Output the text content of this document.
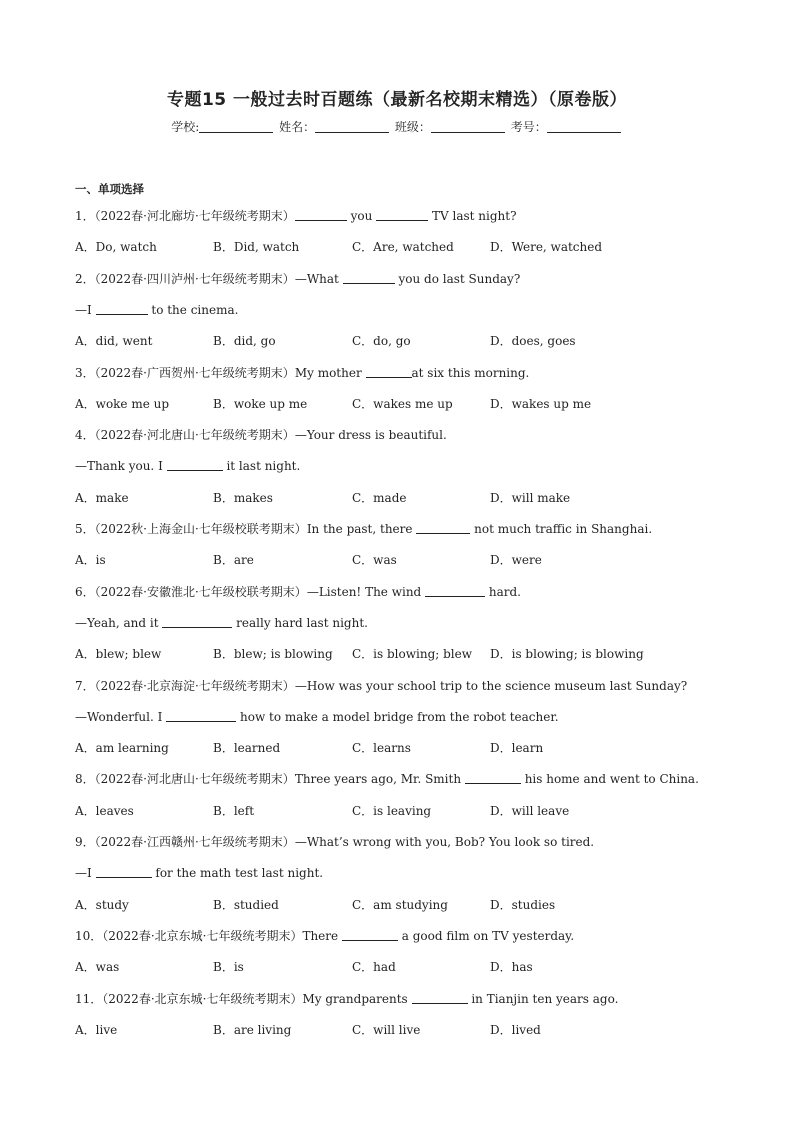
专题15 一般过去时百题练（最新名校期末精选）（原卷版）
学校:	姓名：	班级：	考号：
一、单项选择
1．（2022春·河北廊坊·七年级统考期末）	you	TV last night?
A．Do, watch	B．Did, watch	C．Are, watched	D．Were, watched
2．（2022春·四川泸州·七年级统考期末）—What	you do last Sunday?
—I	to the cinema.
A．did, went	B．did, go	C．do, go	D．does, goes
3．（2022春·广西贺州·七年级统考期末）My mother	at six this morning.
A．woke me up	B．woke up me	C．wakes me up	D．wakes up me
4．（2022春·河北唐山·七年级统考期末）—Your dress is beautiful.
—Thank you. I	it last night.
A．make	B．makes	C．made	D．will make
5．（2022秋·上海金山·七年级校联考期末）In the past, there	not much traffic in Shanghai.
A．is	B．are	C．was	D．were
6．（2022春·安徽淮北·七年级校联考期末）—Listen! The wind	hard.
—Yeah, and it	really hard last night.
A．blew; blew	B．blew; is blowing C．is blowing; blew D．is blowing; is blowing
7．（2022春·北京海淀·七年级统考期末）—How was your school trip to the science museum last Sunday?
—Wonderful. I	how to make a model bridge from the robot teacher.
A．am learning	B．learned	C．learns	D．learn
8．（2022春·河北唐山·七年级统考期末）Three years ago, Mr. Smith	his home and went to China.
A．leaves	B．left	C．is leaving	D．will leave
9．（2022春·江西赣州·七年级统考期末）—What’s wrong with you, Bob? You look so tired.
—I	for the math test last night.
A．study	B．studied	C．am studying	D．studies
10．（2022春·北京东城·七年级统考期末）There	a good film on TV yesterday.
A．was	B．is	C．had	D．has
11．（2022春·北京东城·七年级统考期末）My grandparents	in Tianjin ten years ago.
A．live	B．are living	C．will live	D．lived
